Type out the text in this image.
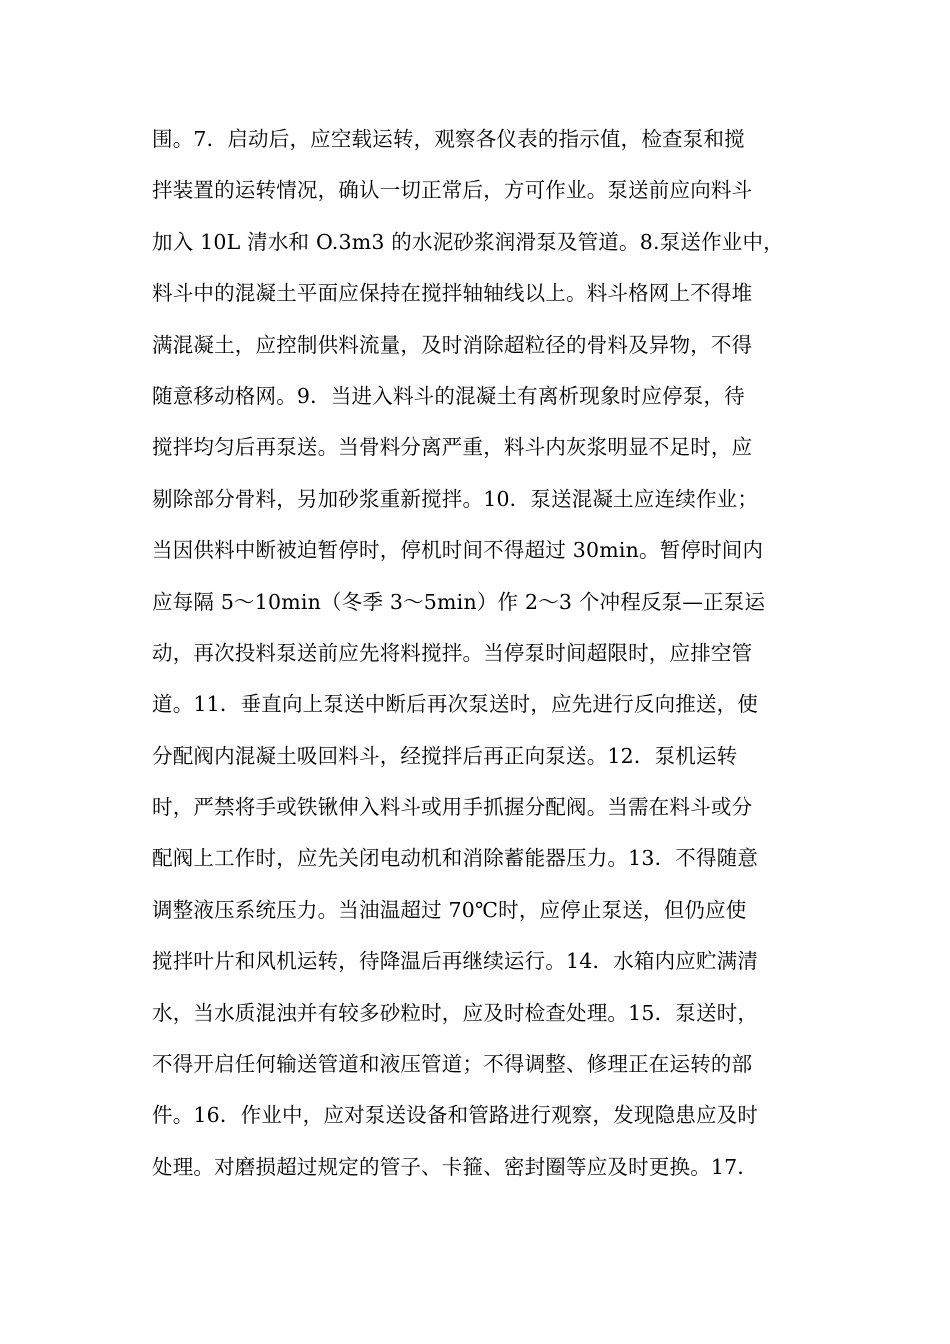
围。7．启动后，应空载运转，观察各仪表的指示值，检查泵和搅
拌装置的运转情况，确认一切正常后，方可作业。泵送前应向料斗
加入 10L 清水和 O.3m3 的水泥砂浆润滑泵及管道。8.泵送作业中，
料斗中的混凝土平面应保持在搅拌轴轴线以上。料斗格网上不得堆
满混凝土，应控制供料流量，及时消除超粒径的骨料及异物，不得
随意移动格网。9．当进入料斗的混凝土有离析现象时应停泵，待
搅拌均匀后再泵送。当骨料分离严重，料斗内灰浆明显不足时，应
剔除部分骨料，另加砂浆重新搅拌。10．泵送混凝土应连续作业；
当因供料中断被迫暂停时，停机时间不得超过 30min。暂停时间内
应每隔 5～10min（冬季 3～5min）作 2～3 个冲程反泵—正泵运
动，再次投料泵送前应先将料搅拌。当停泵时间超限时，应排空管
道。11．垂直向上泵送中断后再次泵送时，应先进行反向推送，使
分配阀内混凝土吸回料斗，经搅拌后再正向泵送。12．泵机运转
时，严禁将手或铁锹伸入料斗或用手抓握分配阀。当需在料斗或分
配阀上工作时，应先关闭电动机和消除蓄能器压力。13．不得随意
调整液压系统压力。当油温超过 70℃时，应停止泵送，但仍应使
搅拌叶片和风机运转，待降温后再继续运行。14．水箱内应贮满清
水，当水质混浊并有较多砂粒时，应及时检查处理。15．泵送时，
不得开启任何输送管道和液压管道；不得调整、修理正在运转的部
件。16．作业中，应对泵送设备和管路进行观察，发现隐患应及时
处理。对磨损超过规定的管子、卡箍、密封圈等应及时更换。17．
